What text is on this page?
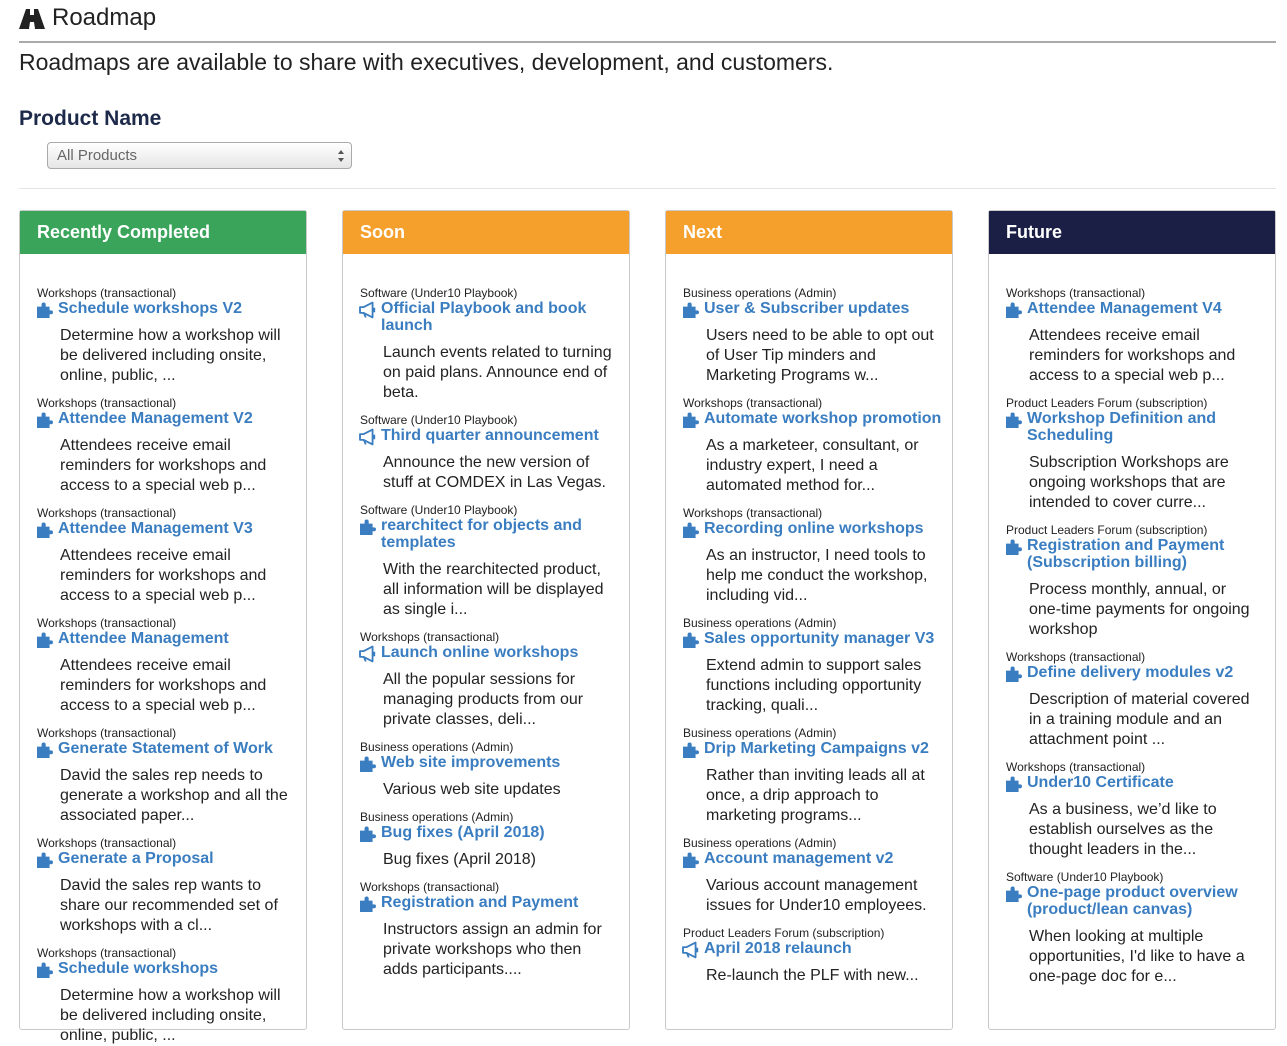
Roadmap
Roadmaps are available to share with executives, development, and customers.
Product Name
All Products
Recently Completed
Workshops (transactional)
Schedule workshops V2
Determine how a workshop will be delivered including onsite, online, public, ...
Workshops (transactional)
Attendee Management V2
Attendees receive email reminders for workshops and access to a special web p...
Workshops (transactional)
Attendee Management V3
Attendees receive email reminders for workshops and access to a special web p...
Workshops (transactional)
Attendee Management
Attendees receive email reminders for workshops and access to a special web p...
Workshops (transactional)
Generate Statement of Work
David the sales rep needs to generate a workshop and all the associated paper...
Workshops (transactional)
Generate a Proposal
David the sales rep wants to share our recommended set of workshops with a cl...
Workshops (transactional)
Schedule workshops
Determine how a workshop will be delivered including onsite, online, public, ...
Soon
Software (Under10 Playbook)
Official Playbook and book launch
Launch events related to turning on paid plans. Announce end of beta.
Software (Under10 Playbook)
Third quarter announcement
Announce the new version of stuff at COMDEX in Las Vegas.
Software (Under10 Playbook)
rearchitect for objects and templates
With the rearchitected product, all information will be displayed as single i...
Workshops (transactional)
Launch online workshops
All the popular sessions for managing products from our private classes, deli...
Business operations (Admin)
Web site improvements
Various web site updates
Business operations (Admin)
Bug fixes (April 2018)
Bug fixes (April 2018)
Workshops (transactional)
Registration and Payment
Instructors assign an admin for private workshops who then adds participants....
Next
Business operations (Admin)
User & Subscriber updates
Users need to be able to opt out of User Tip minders and Marketing Programs w...
Workshops (transactional)
Automate workshop promotion
As a marketeer, consultant, or industry expert, I need a automated method for...
Workshops (transactional)
Recording online workshops
As an instructor, I need tools to help me conduct the workshop, including vid...
Business operations (Admin)
Sales opportunity manager V3
Extend admin to support sales functions including opportunity tracking, quali...
Business operations (Admin)
Drip Marketing Campaigns v2
Rather than inviting leads all at once, a drip approach to marketing programs...
Business operations (Admin)
Account management v2
Various account management issues for Under10 employees.
Product Leaders Forum (subscription)
April 2018 relaunch
Re-launch the PLF with new...
Future
Workshops (transactional)
Attendee Management V4
Attendees receive email reminders for workshops and access to a special web p...
Product Leaders Forum (subscription)
Workshop Definition and Scheduling
Subscription Workshops are ongoing workshops that are intended to cover curre...
Product Leaders Forum (subscription)
Registration and Payment (Subscription billing)
Process monthly, annual, or one-time payments for ongoing workshop
Workshops (transactional)
Define delivery modules v2
Description of material covered in a training module and an attachment point ...
Workshops (transactional)
Under10 Certificate
As a business, we’d like to establish ourselves as the thought leaders in the...
Software (Under10 Playbook)
One-page product overview (product/lean canvas)
When looking at multiple opportunities, I'd like to have a one-page doc for e...
